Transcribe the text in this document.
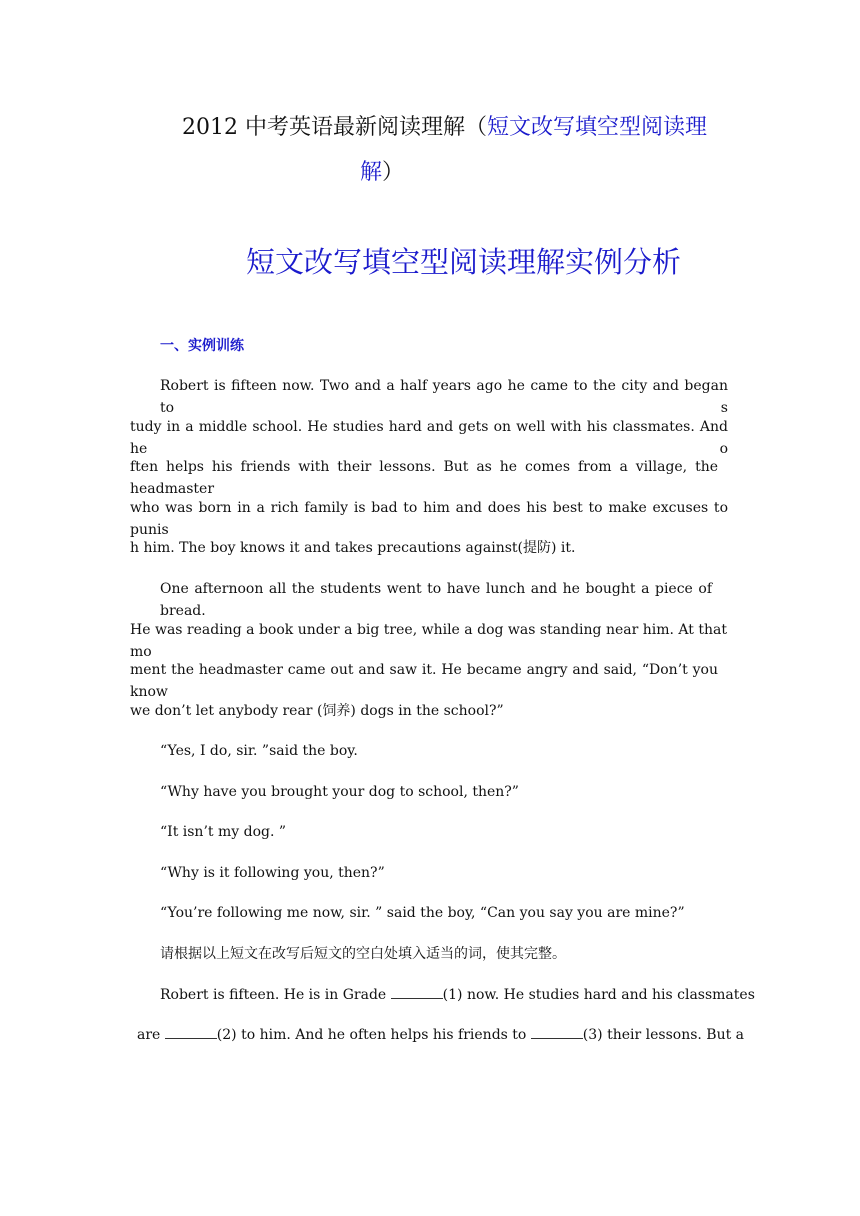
2012 中考英语最新阅读理解（短文改写填空型阅读理
解）
短文改写填空型阅读理解实例分析
一、实例训练
Robert is fifteen now. Two and a half years ago he came to the city and began to s
tudy in a middle school. He studies hard and gets on well with his classmates. And he o
ften helps his friends with their lessons. But as he comes from a village, the headmaster
who was born in a rich family is bad to him and does his best to make excuses to punis
h him. The boy knows it and takes precautions against(提防) it.
One afternoon all the students went to have lunch and he bought a piece of bread.
He was reading a book under a big tree, while a dog was standing near him. At that mo
ment the headmaster came out and saw it. He became angry and said, “Don’t you know
we don’t let anybody rear (饲养) dogs in the school?”
“Yes, I do, sir. ”said the boy.
“Why have you brought your dog to school, then?”
“It isn’t my dog. ”
“Why is it following you, then?”
“You’re following me now, sir. ” said the boy, “Can you say you are mine?”
请根据以上短文在改写后短文的空白处填入适当的词，使其完整。
Robert is fifteen. He is in Grade	(1) now. He studies hard and his classmates
are	(2) to him. And he often helps his friends to	(3) their lessons. But a
